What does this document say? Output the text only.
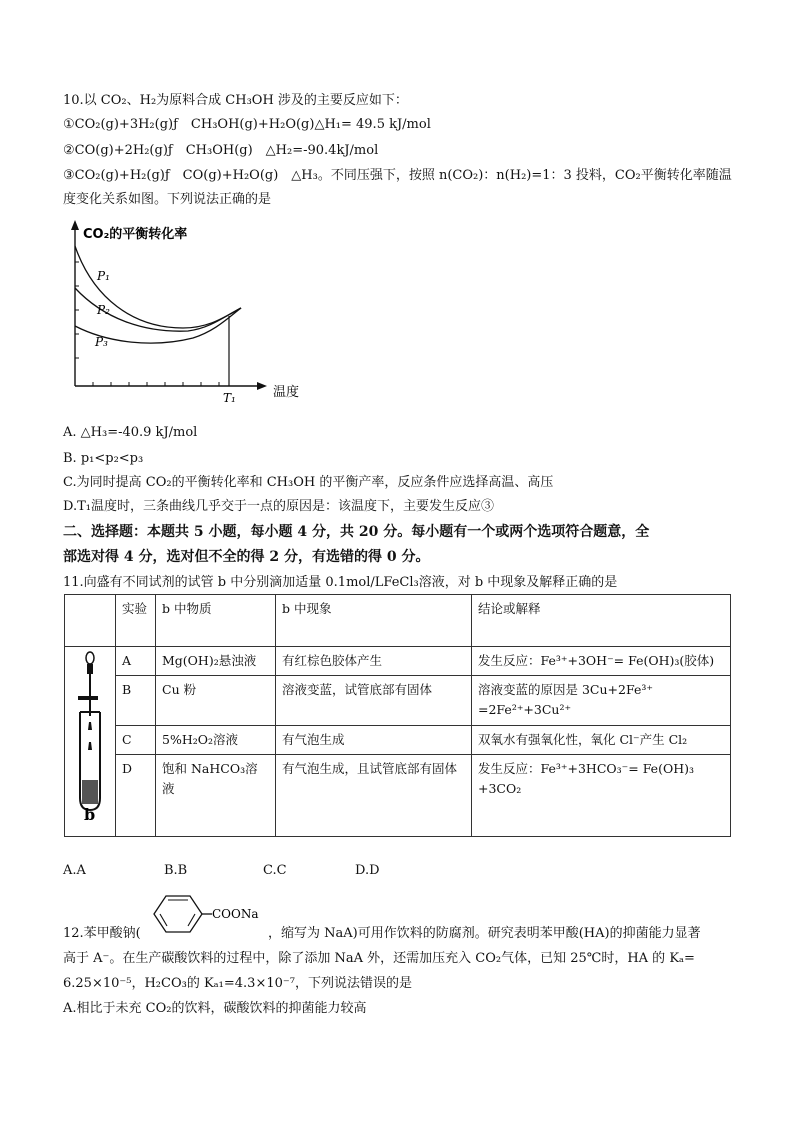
10.以 CO₂、H₂为原料合成 CH₃OH 涉及的主要反应如下：
①CO₂(g)+3H₂(g)ƒ　CH₃OH(g)+H₂O(g)△H₁= 49.5 kJ/mol
②CO(g)+2H₂(g)ƒ　CH₃OH(g)　△H₂=-90.4kJ/mol
③CO₂(g)+H₂(g)ƒ　CO(g)+H₂O(g)　△H₃。不同压强下，按照 n(CO₂)：n(H₂)=1：3 投料，CO₂平衡转化率随温
度变化关系如图。下列说法正确的是
CO₂的平衡转化率
温度
T₁
P₁
P₂
P₃
A. △H₃=-40.9 kJ/mol
B. p₁<p₂<p₃
C.为同时提高 CO₂的平衡转化率和 CH₃OH 的平衡产率，反应条件应选择高温、高压
D.T₁温度时，三条曲线几乎交于一点的原因是：该温度下，主要发生反应③
二、选择题：本题共 5 小题，每小题 4 分，共 20 分。每小题有一个或两个选项符合题意，全
部选对得 4 分，选对但不全的得 2 分，有选错的得 0 分。
11.向盛有不同试剂的试管 b 中分别滴加适量 0.1mol/LFeCl₃溶液，对 b 中现象及解释正确的是
	实验	b 中物质	b 中现象	结论或解释
	A	Mg(OH)₂悬浊液	有红棕色胶体产生	发生反应：Fe³⁺+3OH⁻= Fe(OH)₃(胶体)
	B	Cu 粉	溶液变蓝，试管底部有固体	溶液变蓝的原因是 3Cu+2Fe³⁺ =2Fe²⁺+3Cu²⁺
	C	5%H₂O₂溶液	有气泡生成	双氧水有强氧化性，氧化 Cl⁻产生 Cl₂
	D	饱和 NaHCO₃溶液	有气泡生成，且试管底部有固体	发生反应：Fe³⁺+3HCO₃⁻= Fe(OH)₃ +3CO₂
b
A.A	B.B	C.C	D.D
12.苯甲酸钠(
COONa
，缩写为 NaA)可用作饮料的防腐剂。研究表明苯甲酸(HA)的抑菌能力显著
高于 A⁻。在生产碳酸饮料的过程中，除了添加 NaA 外，还需加压充入 CO₂气体，已知 25℃时，HA 的 Kₐ=
6.25×10⁻⁵，H₂CO₃的 Kₐ₁=4.3×10⁻⁷，下列说法错误的是
A.相比于未充 CO₂的饮料，碳酸饮料的抑菌能力较高
